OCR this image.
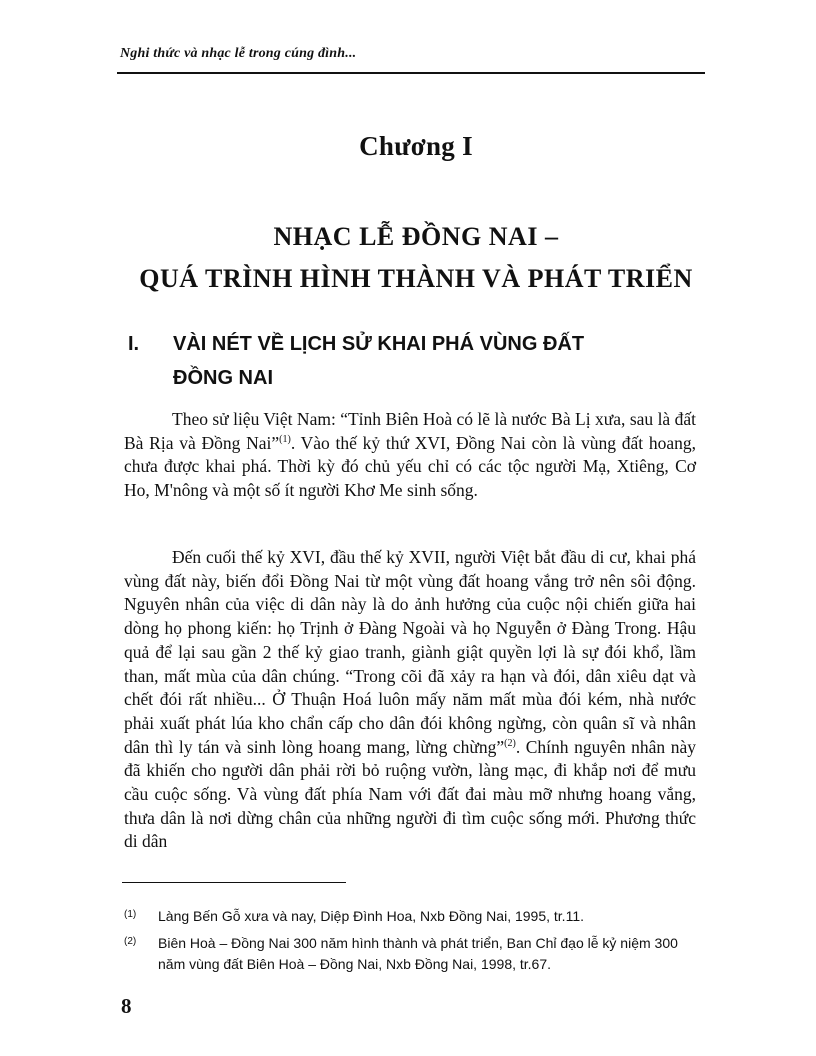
Nghi thức và nhạc lễ trong cúng đình...
Chương I
NHẠC LỄ ĐỒNG NAI –
QUÁ TRÌNH HÌNH THÀNH VÀ PHÁT TRIỂN
I. VÀI NÉT VỀ LỊCH SỬ KHAI PHÁ VÙNG ĐẤT
ĐỒNG NAI

Theo sử liệu Việt Nam: “Tỉnh Biên Hoà có lẽ là nước Bà Lị xưa, sau là đất Bà Rịa và Đồng Nai”$^{(1)}$. Vào thế kỷ thứ XVI, Đồng Nai còn là vùng đất hoang, chưa được khai phá. Thời kỳ đó chủ yếu chỉ có các tộc người Mạ, Xtiêng, Cơ Ho, M'nông và một số ít người Khơ Me sinh sống.

Đến cuối thế kỷ XVI, đầu thế kỷ XVII, người Việt bắt đầu di cư, khai phá vùng đất này, biến đổi Đồng Nai từ một vùng đất hoang vắng trở nên sôi động. Nguyên nhân của việc di dân này là do ảnh hưởng của cuộc nội chiến giữa hai dòng họ phong kiến: họ Trịnh ở Đàng Ngoài và họ Nguyễn ở Đàng Trong. Hậu quả để lại sau gần 2 thế kỷ giao tranh, giành giật quyền lợi là sự đói khổ, lầm than, mất mùa của dân chúng. “Trong cõi đã xảy ra hạn và đói, dân xiêu dạt và chết đói rất nhiều... Ở Thuận Hoá luôn mấy năm mất mùa đói kém, nhà nước phải xuất phát lúa kho chẩn cấp cho dân đói không ngừng, còn quân sĩ và nhân dân thì ly tán và sinh lòng hoang mang, lừng chừng”$^{(2)}$. Chính nguyên nhân này đã khiến cho người dân phải rời bỏ ruộng vườn, làng mạc, đi khắp nơi để mưu cầu cuộc sống. Và vùng đất phía Nam với đất đai màu mỡ nhưng hoang vắng, thưa dân là nơi dừng chân của những người đi tìm cuộc sống mới. Phương thức di dân

(1) Làng Bến Gỗ xưa và nay, Diệp Đình Hoa, Nxb Đồng Nai, 1995, tr.11.
(2) Biên Hoà – Đồng Nai 300 năm hình thành và phát triển, Ban Chỉ đạo lễ kỷ niệm 300 năm vùng đất Biên Hoà – Đồng Nai, Nxb Đồng Nai, 1998, tr.67.
8
